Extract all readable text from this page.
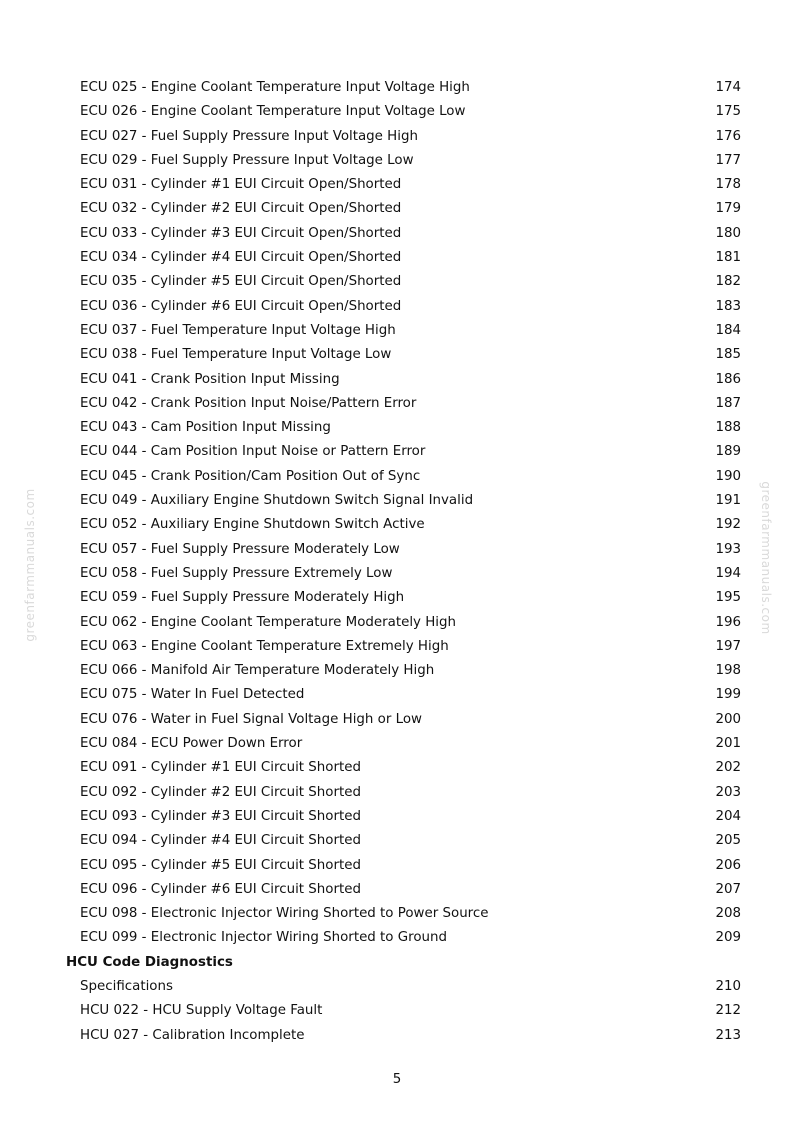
ECU 025 - Engine Coolant Temperature Input Voltage High	174
ECU 026 - Engine Coolant Temperature Input Voltage Low	175
ECU 027 - Fuel Supply Pressure Input Voltage High	176
ECU 029 - Fuel Supply Pressure Input Voltage Low	177
ECU 031 - Cylinder #1 EUI Circuit Open/Shorted	178
ECU 032 - Cylinder #2 EUI Circuit Open/Shorted	179
ECU 033 - Cylinder #3 EUI Circuit Open/Shorted	180
ECU 034 - Cylinder #4 EUI Circuit Open/Shorted	181
ECU 035 - Cylinder #5 EUI Circuit Open/Shorted	182
ECU 036 - Cylinder #6 EUI Circuit Open/Shorted	183
ECU 037 - Fuel Temperature Input Voltage High	184
ECU 038 - Fuel Temperature Input Voltage Low	185
ECU 041 - Crank Position Input Missing	186
ECU 042 - Crank Position Input Noise/Pattern Error	187
ECU 043 - Cam Position Input Missing	188
ECU 044 - Cam Position Input Noise or Pattern Error	189
ECU 045 - Crank Position/Cam Position Out of Sync	190
ECU 049 - Auxiliary Engine Shutdown Switch Signal Invalid	191
ECU 052 - Auxiliary Engine Shutdown Switch Active	192
ECU 057 - Fuel Supply Pressure Moderately Low	193
ECU 058 - Fuel Supply Pressure Extremely Low	194
ECU 059 - Fuel Supply Pressure Moderately High	195
ECU 062 - Engine Coolant Temperature Moderately High	196
ECU 063 - Engine Coolant Temperature Extremely High	197
ECU 066 - Manifold Air Temperature Moderately High	198
ECU 075 - Water In Fuel Detected	199
ECU 076 - Water in Fuel Signal Voltage High or Low	200
ECU 084 - ECU Power Down Error	201
ECU 091 - Cylinder #1 EUI Circuit Shorted	202
ECU 092 - Cylinder #2 EUI Circuit Shorted	203
ECU 093 - Cylinder #3 EUI Circuit Shorted	204
ECU 094 - Cylinder #4 EUI Circuit Shorted	205
ECU 095 - Cylinder #5 EUI Circuit Shorted	206
ECU 096 - Cylinder #6 EUI Circuit Shorted	207
ECU 098 - Electronic Injector Wiring Shorted to Power Source	208
ECU 099 - Electronic Injector Wiring Shorted to Ground	209
HCU Code Diagnostics
Specifications	210
HCU 022 - HCU Supply Voltage Fault	212
HCU 027 - Calibration Incomplete	213
greenfarmmanuals.com	greenfarmmanuals.com
5
